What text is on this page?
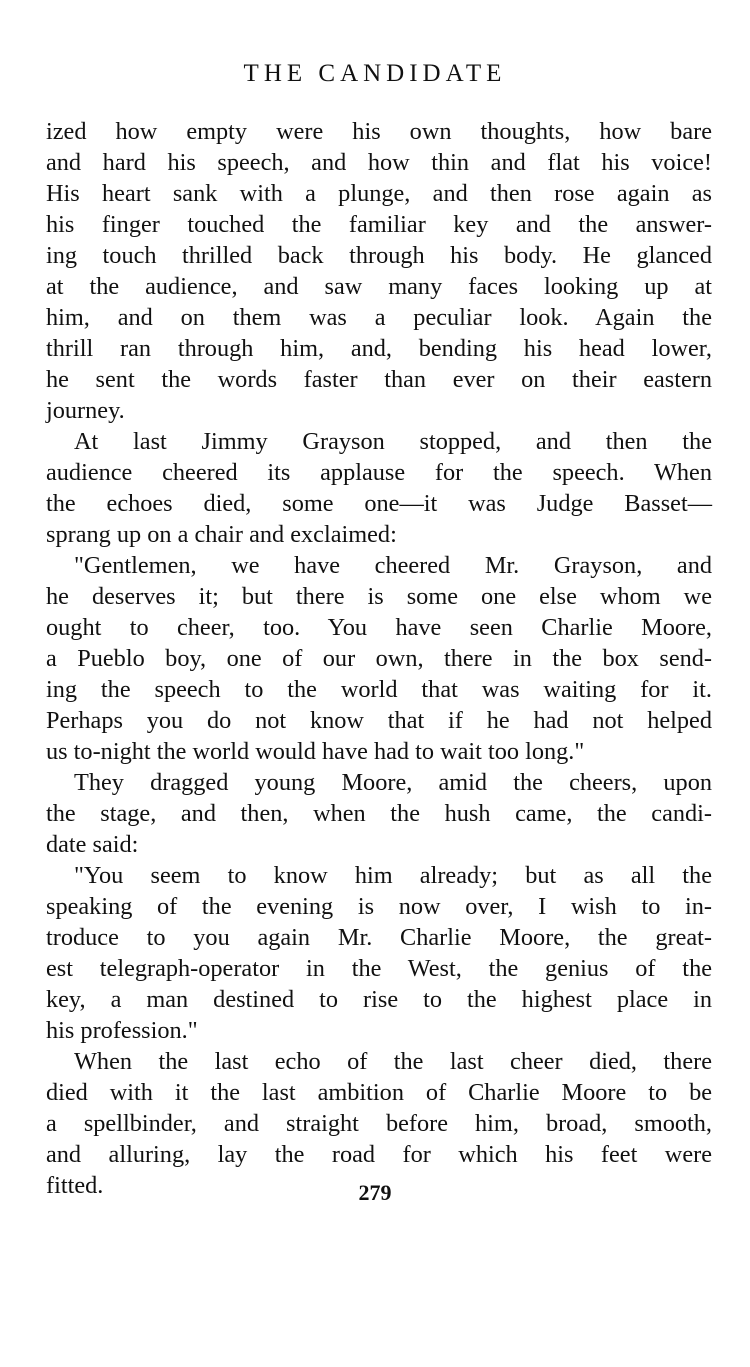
THE CANDIDATE
ized how empty were his own thoughts, how bare
and hard his speech, and how thin and flat his voice!
His heart sank with a plunge, and then rose again as
his finger touched the familiar key and the answer-
ing touch thrilled back through his body. He glanced
at the audience, and saw many faces looking up at
him, and on them was a peculiar look. Again the
thrill ran through him, and, bending his head lower,
he sent the words faster than ever on their eastern
journey.
At last Jimmy Grayson stopped, and then the
audience cheered its applause for the speech. When
the echoes died, some one—it was Judge Basset—
sprang up on a chair and exclaimed:
"Gentlemen, we have cheered Mr. Grayson, and
he deserves it; but there is some one else whom we
ought to cheer, too. You have seen Charlie Moore,
a Pueblo boy, one of our own, there in the box send-
ing the speech to the world that was waiting for it.
Perhaps you do not know that if he had not helped
us to-night the world would have had to wait too long."
They dragged young Moore, amid the cheers, upon
the stage, and then, when the hush came, the candi-
date said:
"You seem to know him already; but as all the
speaking of the evening is now over, I wish to in-
troduce to you again Mr. Charlie Moore, the great-
est telegraph-operator in the West, the genius of the
key, a man destined to rise to the highest place in
his profession."
When the last echo of the last cheer died, there
died with it the last ambition of Charlie Moore to be
a spellbinder, and straight before him, broad, smooth,
and alluring, lay the road for which his feet were
fitted.	279
